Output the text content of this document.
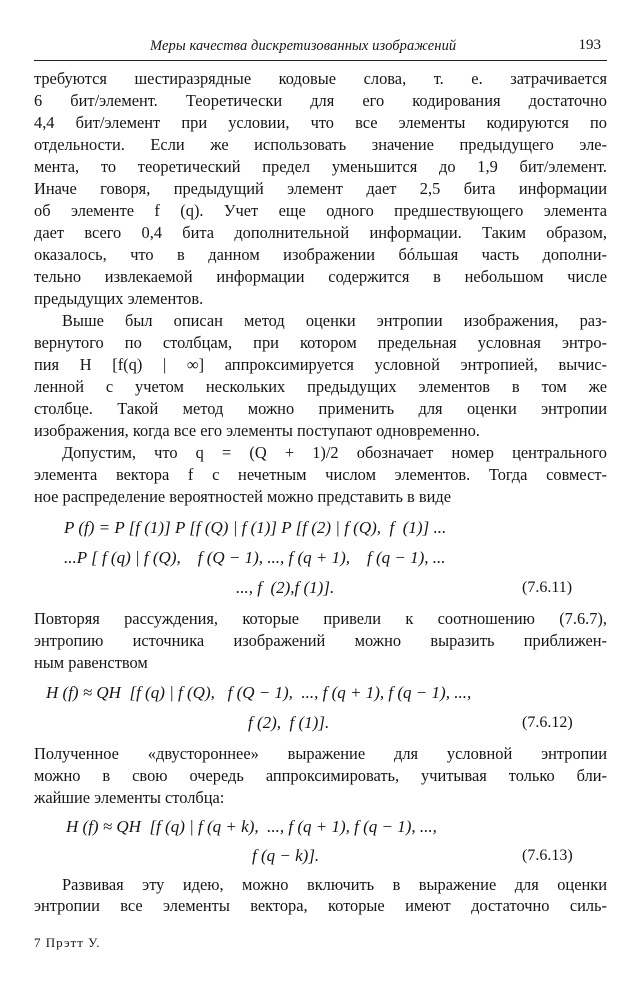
Меры качества дискретизованных изображений	193
требуются шестиразрядные кодовые слова, т. е. затрачивается
6 бит/элемент. Теоретически для его кодирования достаточно
4,4 бит/элемент при условии, что все элементы кодируются по
отдельности. Если же использовать значение предыдущего эле-
мента, то теоретический предел уменьшится до 1,9 бит/элемент.
Иначе говоря, предыдущий элемент дает 2,5 бита информации
об элементе f (q). Учет еще одного предшествующего элемента
дает всего 0,4 бита дополнительной информации. Таким образом,
оказалось, что в данном изображении бóльшая часть дополни-
тельно извлекаемой информации содержится в небольшом числе
предыдущих элементов.
Выше был описан метод оценки энтропии изображения, раз-
вернутого по столбцам, при котором предельная условная энтро-
пия H [f(q) | ∞] аппроксимируется условной энтропией, вычис-
ленной с учетом нескольких предыдущих элементов в том же
столбце. Такой метод можно применить для оценки энтропии
изображения, когда все его элементы поступают одновременно.
Допустим, что q = (Q + 1)/2 обозначает номер центрального
элемента вектора f с нечетным числом элементов. Тогда совмест-
ное распределение вероятностей можно представить в виде
P (f) = P [f (1)] P [f (Q) | f (1)] P [f (2) | f (Q),  f  (1)] ...
...P [ f (q) | f (Q),    f (Q − 1), ..., f (q + 1),    f (q − 1), ...
..., f  (2),f (1)].	(7.6.11)
Повторяя рассуждения, которые привели к соотношению (7.6.7),
энтропию источника изображений можно выразить приближен-
ным равенством
H (f) ≈ QH  [f (q) | f (Q),   f (Q − 1),  ..., f (q + 1), f (q − 1), ...,
f (2),  f (1)].	(7.6.12)
Полученное «двустороннее» выражение для условной энтропии
можно в свою очередь аппроксимировать, учитывая только бли-
жайшие элементы столбца:
H (f) ≈ QH  [f (q) | f (q + k),  ..., f (q + 1), f (q − 1), ...,
f (q − k)].	(7.6.13)
Развивая эту идею, можно включить в выражение для оценки
энтропии все элементы вектора, которые имеют достаточно силь-
7 Прэтт У.
